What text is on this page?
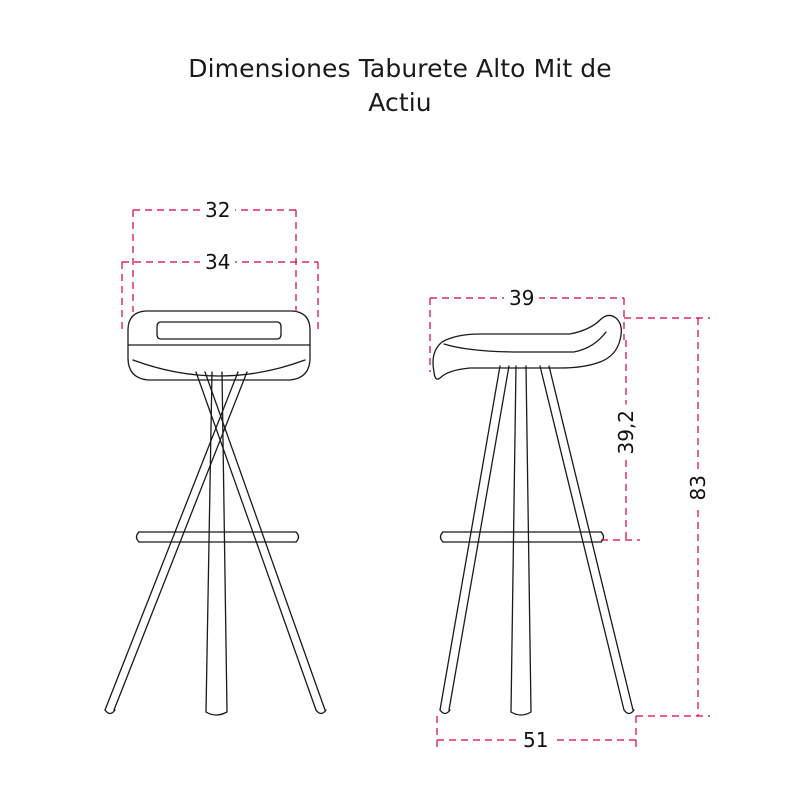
Dimensiones Taburete Alto Mit de
Actiu
32
34
39
39,2
83
51
